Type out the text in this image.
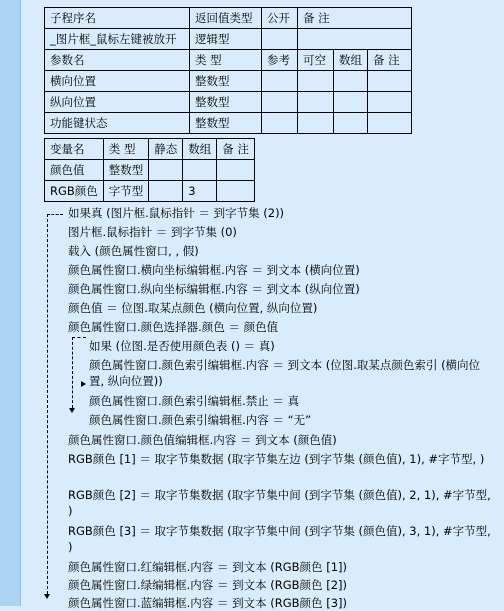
子程序名	返回值类型	公开	备 注		
_图片框_鼠标左键被放开	逻辑型				
参数名	类 型	参考	可空	数组	备 注
横向位置	整数型				
纵向位置	整数型				
功能键状态	整数型				
变量名	类 型	静态	数组	备 注
颜色值	整数型			
RGB颜色	字节型		3	
如果真 (图片框.鼠标指针 ＝ 到字节集 (2))
图片框.鼠标指针 ＝ 到字节集 (0)
载入 (颜色属性窗口, , 假)
颜色属性窗口.横向坐标编辑框.内容 ＝ 到文本 (横向位置)
颜色属性窗口.纵向坐标编辑框.内容 ＝ 到文本 (纵向位置)
颜色值 ＝ 位图.取某点颜色 (横向位置, 纵向位置)
颜色属性窗口.颜色选择器.颜色 ＝ 颜色值
如果 (位图.是否使用颜色表 () ＝ 真)
颜色属性窗口.颜色索引编辑框.内容 ＝ 到文本 (位图.取某点颜色索引 (横向位置, 纵向位置))
颜色属性窗口.颜色索引编辑框.禁止 ＝ 真
颜色属性窗口.颜色索引编辑框.内容 ＝ “无”
颜色属性窗口.颜色值编辑框.内容 ＝ 到文本 (颜色值)
RGB颜色 [1] ＝ 取字节集数据 (取字节集左边 (到字节集 (颜色值), 1), #字节型, )
RGB颜色 [2] ＝ 取字节集数据 (取字节集中间 (到字节集 (颜色值), 2, 1), #字节型, )
RGB颜色 [3] ＝ 取字节集数据 (取字节集中间 (到字节集 (颜色值), 3, 1), #字节型, )
颜色属性窗口.红编辑框.内容 ＝ 到文本 (RGB颜色 [1])
颜色属性窗口.绿编辑框.内容 ＝ 到文本 (RGB颜色 [2])
颜色属性窗口.蓝编辑框.内容 ＝ 到文本 (RGB颜色 [3])
